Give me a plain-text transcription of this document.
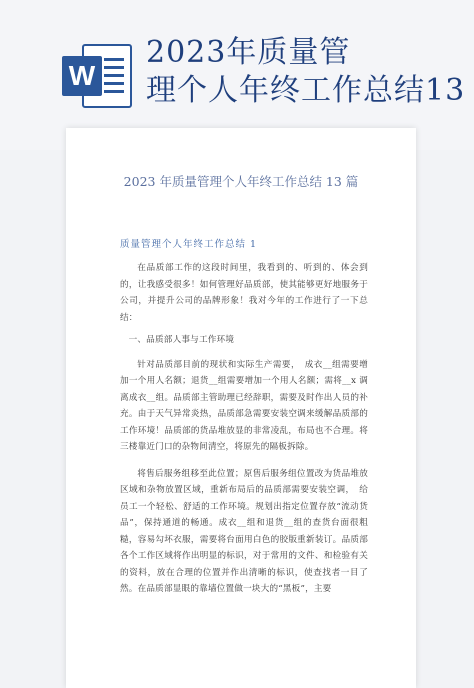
W
2023年质量管
理个人年终工作总结13
2023 年质量管理个人年终工作总结 13 篇
质量管理个人年终工作总结 1

在品质部工作的这段时间里，我看到的、听到的、体会到的，让我感受很多！如何管理好品质部，使其能够更好地服务于公司，并提升公司的品牌形象！我对今年的工作进行了一下总结：

一、品质部人事与工作环境

针对品质部目前的现状和实际生产需要，　成衣__组需要增加一个用人名额；退货__组需要增加一个用人名额；需将__x 调离成衣__组。品质部主管助理已经辞职，需要及时作出人员的补充。由于天气异常炎热，品质部急需要安装空调来缓解品质部的工作环境！品质部的货品堆放显的非常凌乱，布局也不合理。将三楼靠近门口的杂物间清空，将原先的隔板拆除。

将售后服务组移至此位置；原售后服务组位置改为货品堆放区域和杂物放置区域，重新布局后的品质部需要安装空调，　给员工一个轻松、舒适的工作环境。规划出指定位置存放“流动货品”，保持通道的畅通。成衣__组和退货__组的查货台面很粗糙，容易勾坏衣服，需要将台面用白色的胶版重新装订。品质部各个工作区域将作出明显的标识，对于常用的文件、和检验有关的资料，放在合理的位置并作出清晰的标识，使查找者一目了然。在品质部显眼的靠墙位置做一块大的“黑板”，主要
